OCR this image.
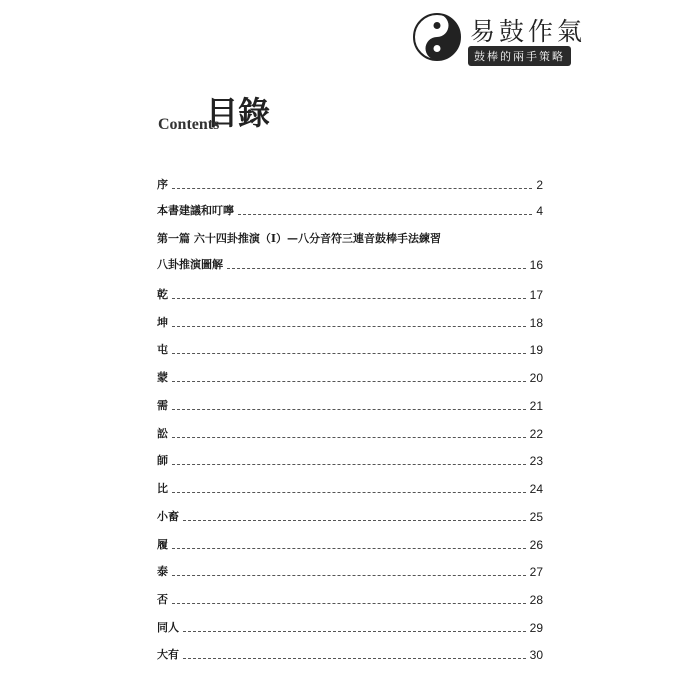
易鼓作氣
鼓棒的兩手策略
目錄
Contents
序	2
本書建議和叮嚀	4
第一篇 六十四卦推演（Ⅰ）—八分音符三連音鼓棒手法練習
八卦推演圖解	16
乾	17
坤	18
屯	19
蒙	20
需	21
訟	22
師	23
比	24
小畜	25
履	26
泰	27
否	28
同人	29
大有	30
